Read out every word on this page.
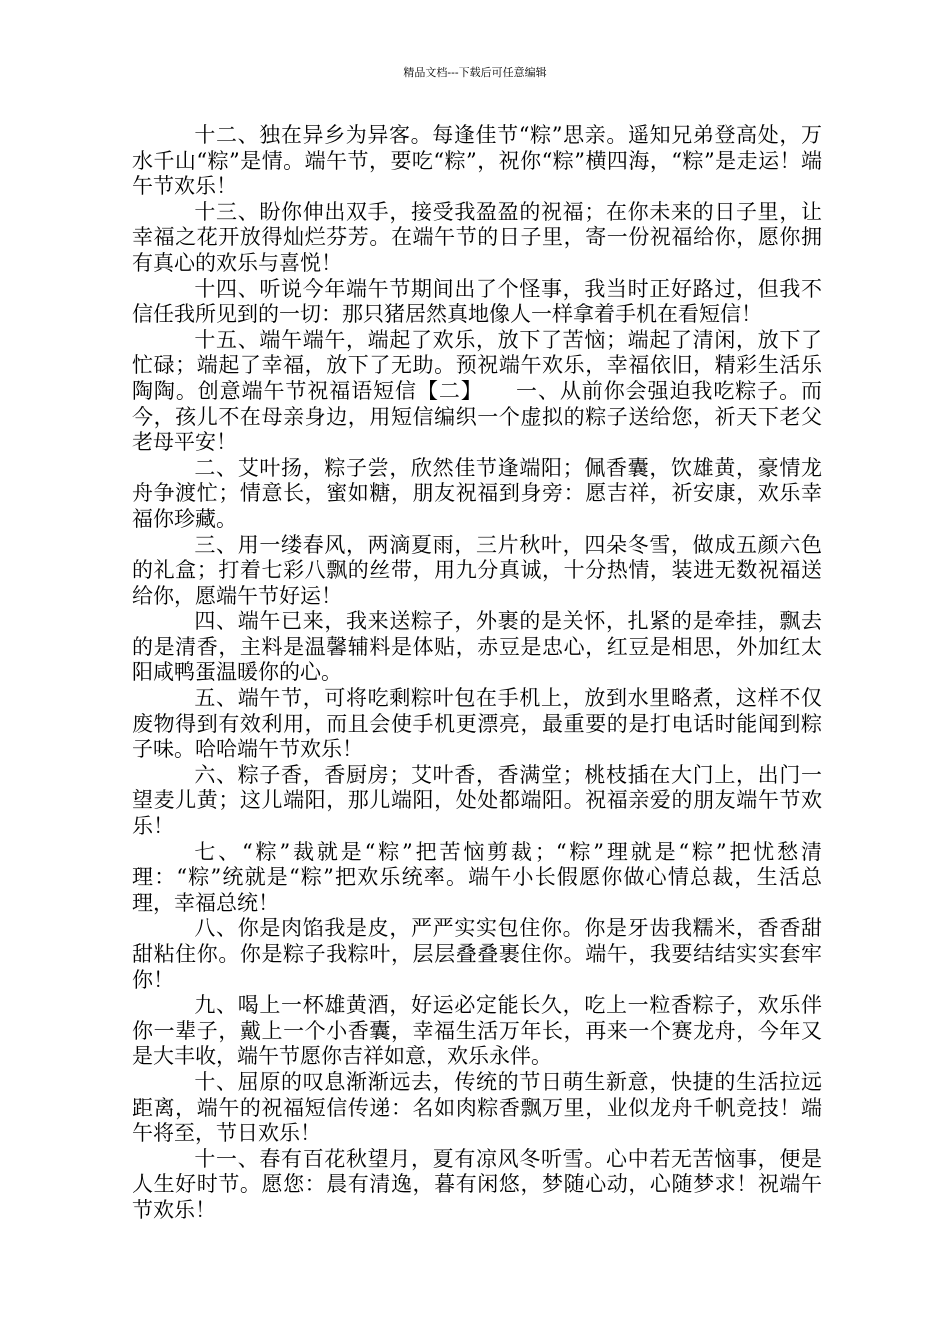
精品文档---下载后可任意编辑

十二、独在异乡为异客。每逢佳节“粽”思亲。遥知兄弟登高处，万水千山“粽”是情。端午节，要吃“粽”，祝你“粽”横四海，“粽”是走运！端午节欢乐！

十三、盼你伸出双手，接受我盈盈的祝福；在你未来的日子里，让幸福之花开放得灿烂芬芳。在端午节的日子里，寄一份祝福给你，愿你拥有真心的欢乐与喜悦！

十四、听说今年端午节期间出了个怪事，我当时正好路过，但我不信任我所见到的一切：那只猪居然真地像人一样拿着手机在看短信！

十五、端午端午，端起了欢乐，放下了苦恼；端起了清闲，放下了忙碌；端起了幸福，放下了无助。预祝端午欢乐，幸福依旧，精彩生活乐陶陶。创意端午节祝福语短信【二】　　一、从前你会强迫我吃粽子。而今，孩儿不在母亲身边，用短信编织一个虚拟的粽子送给您，祈天下老父老母平安！

二、艾叶扬，粽子尝，欣然佳节逢端阳；佩香囊，饮雄黄，豪情龙舟争渡忙；情意长，蜜如糖，朋友祝福到身旁：愿吉祥，祈安康，欢乐幸福你珍藏。

三、用一缕春风，两滴夏雨，三片秋叶，四朵冬雪，做成五颜六色的礼盒；打着七彩八飘的丝带，用九分真诚，十分热情，装进无数祝福送给你，愿端午节好运！

四、端午已来，我来送粽子，外裹的是关怀，扎紧的是牵挂，飘去的是清香，主料是温馨辅料是体贴，赤豆是忠心，红豆是相思，外加红太阳咸鸭蛋温暖你的心。

五、端午节，可将吃剩粽叶包在手机上，放到水里略煮，这样不仅废物得到有效利用，而且会使手机更漂亮，最重要的是打电话时能闻到粽子味。哈哈端午节欢乐！

六、粽子香，香厨房；艾叶香，香满堂；桃枝插在大门上，出门一望麦儿黄；这儿端阳，那儿端阳，处处都端阳。祝福亲爱的朋友端午节欢乐！

七、“粽”裁就是“粽”把苦恼剪裁；“粽”理就是“粽”把忧愁清理：“粽”统就是“粽”把欢乐统率。端午小长假愿你做心情总裁，生活总理，幸福总统！

八、你是肉馅我是皮，严严实实包住你。你是牙齿我糯米，香香甜甜粘住你。你是粽子我粽叶，层层叠叠裹住你。端午，我要结结实实套牢你！

九、喝上一杯雄黄酒，好运必定能长久，吃上一粒香粽子，欢乐伴你一辈子，戴上一个小香囊，幸福生活万年长，再来一个赛龙舟，今年又是大丰收，端午节愿你吉祥如意，欢乐永伴。

十、屈原的叹息渐渐远去，传统的节日萌生新意，快捷的生活拉远距离，端午的祝福短信传递：名如肉粽香飘万里，业似龙舟千帆竞技！端午将至，节日欢乐！

十一、春有百花秋望月，夏有凉风冬听雪。心中若无苦恼事，便是人生好时节。愿您：晨有清逸，暮有闲悠，梦随心动，心随梦求！祝端午节欢乐！
